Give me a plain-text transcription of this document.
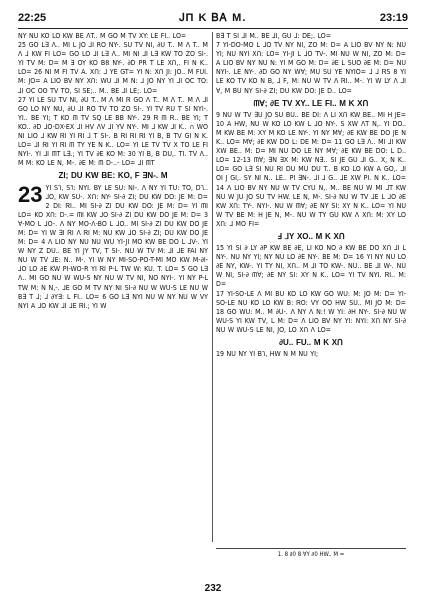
22:25	ᎫΠ K ᏴᎪ M.	23:19

NY NU KO LO KW BE ᐱT.. M GO M TV XY: LE FI.. LO=

25 GO L∃ ᐱ.. MI L JO ⅃I RO NY-. SU TV NI, ∂U T.. M ᐱ T.. M ᐱ ⅃ KW FI LO= GO LO ⅃I L∃ ᐱ.. MI NI ⅃I L∃ KW TO ZO SI-. YI TV M: D= M ∃ OY KO B8 NY-. ∂D PR T LE XՈ,. FI N K.. LO= 26 NI M FI TV A. XՈ: ⅃ YE GT= YI N: XՈ JI: JO.. M FUI. M: JO= A LIO BV NY XՈ: WU ⅃I M N: ⅃ JO NY YI ⅃I OC TO: ⅃I OC OO TV TO, SI SE;.. M.. BE ⅃I LE;. LO=

27 YI LE SU TV NI, ∂U T.. M ᐱ MI Ꮢ GO ᐱ T.. M ᐱ T.. M ᐱ ⅃I GO LO NY NU, ∂U ⅃I RO TV TO ZO SI-. YI TV RU T SI NYI-. YI.. BE YI; T KO ᗰ TV SQ LE BB NY-. 29 Ꮢ ᗰ Ꮢ.. BE YI; T KO.. ∂D ⅃O-DX-EX ⅃I HV ᐱV ⅃I YV NY-. MI ⅃ KW ⅃I K.. ∩ WO NI LIO ⅃ KW ᏒI YI ᏒI ⅃ T SI-. B ᏒI ᏒI ᏒI YI B, B TV GI N K. LO= ⅃I ᏒI YI ᏒI ᗰ TY YE N K.. LO= YI LE TV TV X TO LE FI NYI-. YI ⅃I ᗰT L∃.; YI TV ∂E KO M: 30 YI B, B DU,. TI. TV ᐱ.. M M: KO LE N, M-. ∂E M: ᗰ D-..- LO= ⅃I ᗰT

ZI; DU KW BE: KO, F ∃N-. M

23 YI S٦, S٦: NYI. BY LE SU: NI-. Ʌ NY YI TU: TO, D٦.. ⅃O, KW SU-. XՈ: NY- SI-∂ ZI; DU KW DO: JE M: D= 2 DI: ᏒI.. MI SI-∂ ZI DU KW DO: JE M: D= YI ᗰI LO= KO XՈ: D-.= ᗰI KW ⅃O SI-∂ ZI DU KW DO JE M: D= 3 ∀-MO L ⅃O-. Ʌ NY MO-Ʌ-BO L ⅃O.. MI SI-∂ ZI DU KW DO JE M: D= YI W ∃I ᏒI Ʌ ᏒI M: NU KW ⅃O SI-∂ ZI; DU KW DO JE M: D= 4 Ʌ LIO NY NU NU WU YI-JI MO KW BE DO L ⅃V-. YI W NY Z DU.. BE YI JY TV, T SI-. NU W TV M: ⅃I ⅃E FAI NY NU W TV ⅃E: N.. M-. YI W NY MI-SO-PO-T-MI MO KW M-∂I-⅃O LO ∂E KW PI-WO-R YI ᏒI P-L TW W: KU. T. LO= 5 GO L∃ ᐱ.. MI GO NU W WU-S NY NU W TV NI, NO NYI-. YI NY P-L TW M: N N,-. ⅃E GO M TV NY NI SI-∂ NU W WU-S LE NU W B∃ T ⅃; ⅃ ∂Y∃: L FI.. LO= 6 GO L∃ NYI NU W NY NU W VY NYI A ⅃O KW ⅃I ⅃E ᏒI.; YI W

B∃ T SI ⅃I M.. BE ⅃I, GU ⅃: DE;. LO=

7 YI-DO-MO L ⅃O TV NY NI, ZO M: D= A LIO BV NY N: NU YI; NU NYI XՈ: LO= YI-JI L ⅃O TV-. MI NU W NI, ZO M: D= A LIO BV NY NU N: YI M GO M: D= ∂E L SUO ∂E M: D= NU NYI-. LE NY-. ∂D GO NY W∀; MU SU YE NYIO= ⅃ ⅃ ᏒS 8 YI LE KO TV KO N B, ⅃ F, M: NU W TV ᐱ ᏒI.. M-. YI W LY Ʌ ⅃I ∀, M BU NY SI-∂ ZI; DU KW DO: JE D.. LO=

ᗰ∀; ∂E TV XY.. LE FI.. M K XՈ

9 NU W TV ∃U JO SU BU.. BE DI: Ʌ LI XՈ KW BE.. MI H JE= 10 A HW, NU W KO LO KW L ⅃O NY-. S XW ᐱT N,. YI DO.. M KW BE M: XY M KO LE NY-. YI NY M∀; ∂E KW BE DO JE N K.. LO= M∀; ∂E KW DO L: DE M: D= 11 GO L∃ ᐱ.. MI ⅃I KW XW BE.. M: D= MI NU DO LE NY M∀; ∂E KW BE DO: L D.. LO= 12-13 ᗰ∀; ∃N ∃X M: KW N∃.. SI JE GU ⅃I G.. X, N K.. LO= GO L∃ SI NU ᏒI DU MU DU T.. B KO LO KW A GO,. ⅃I OI J GI,. SY NI N.. LE.. PI ∃N-. ⅃I ⅃ G.. ⅃E XW PI. N K.. LO= 14 Ʌ LIO BV NY NU W TV CYU N,. M.. BE NU W MI ⅃T KW NU W JU JO SU TV HW. LE N, M-. SI-∂ NU W TV ⅃E L ⅃O ∂E KW XՈ: TY-. NYI-. NU W ᗰ∀; ∂E NY SI: XY N K.. LO= YI NU W TV BE M: H JE N, M-. NU W TY GU KW Ʌ XՈ: M: XY LO XՈ: ⅃ MO FI=

Ⅎ ⅃Y XO.. M K XՈ

15 YI SI ∂ LY ∂P KW BE ∂E, LI KO NO ∂ KW BE DO XՈ ⅃I L NY-. NU NY YI; NY NU LO ∂E NY-. BE M: D= 16 YI NY NU LO ∂E NY, KW-. YI TY NI, XՈ.. M ⅃I TO KW-. NU.. BE ⅃I W-. NU W NI, SI-∂ ᗰ∀; ∂E NY SI: XY N K.. LO= YI TV NYI. ᏒI.. M: D=

17 YI-SO-LE Ʌ MI BU KO LO KW GO WU: M: JO M: D= YI-SO-LE NU KO LO KW B: ᏒO: VY OO HW SU.. MI JO M: D= 18 GO WU: M.. M ∂U-. Ʌ NY Ʌ N:! W YI: ∂H NY-. SI-∂ NU W WU-S YI KW TV, L M: D= Ʌ LIO BV NY YI: NYI: XՈ NY SI-∂ NU W WU-S LE NI, JO, LO XՈ Ʌ LO=

∂U.. FU.. M K XՈ

19 NU NY YI B٦, HW N M NU YI;

1. 8 ∂0 8 ∀Y ∂0 HW.. M =
232
